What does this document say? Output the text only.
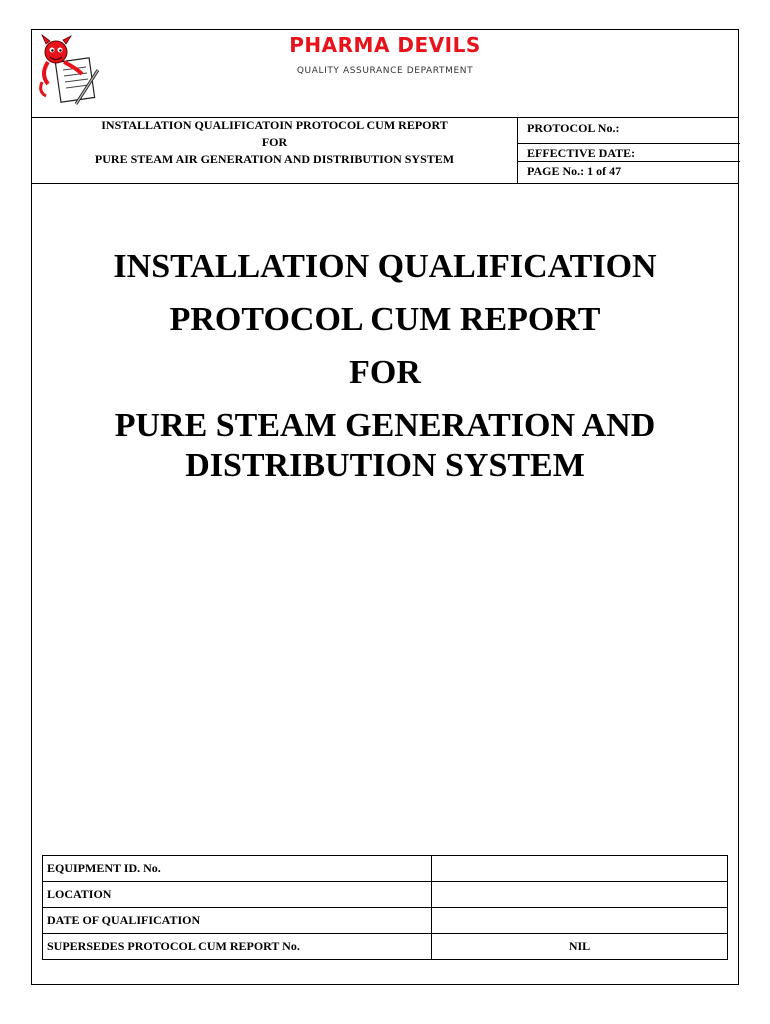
PHARMA DEVILS
QUALITY ASSURANCE DEPARTMENT
INSTALLATION QUALIFICATOIN PROTOCOL CUM REPORT
FOR
PURE STEAM AIR GENERATION AND DISTRIBUTION SYSTEM
PROTOCOL No.:
EFFECTIVE DATE:
PAGE No.: 1 of 47
INSTALLATION QUALIFICATION
PROTOCOL CUM REPORT
FOR
PURE STEAM GENERATION AND
DISTRIBUTION SYSTEM
EQUIPMENT ID. No.	
LOCATION	
DATE OF QUALIFICATION	
SUPERSEDES PROTOCOL CUM REPORT No.	NIL
